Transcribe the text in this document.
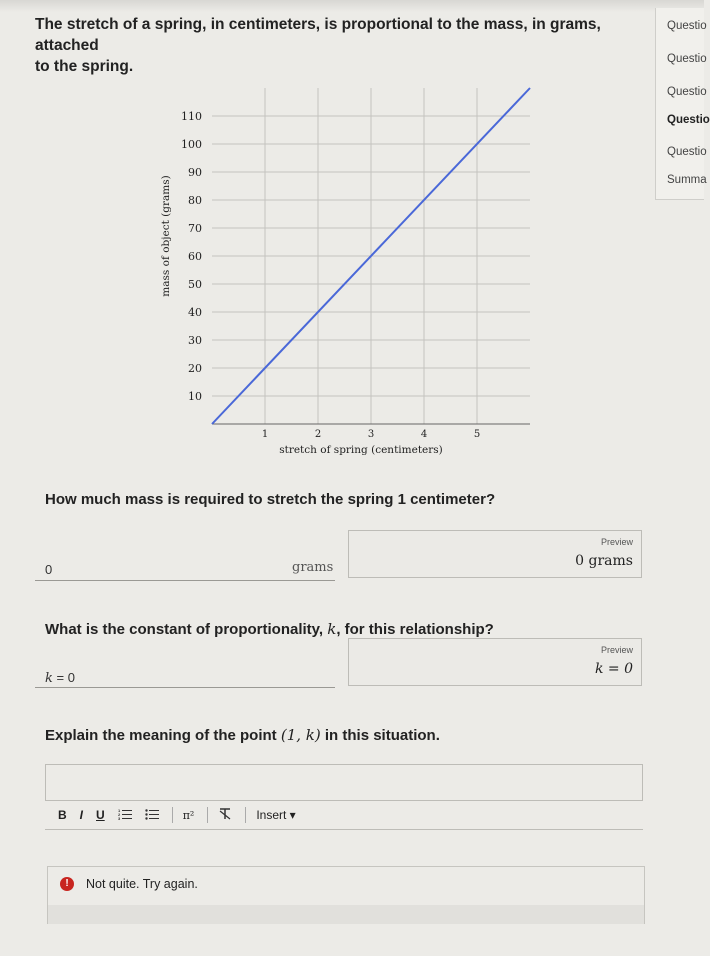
The stretch of a spring, in centimeters, is proportional to the mass, in grams, attached
to the spring.
10
20
30
40
50
60
70
80
90
100
110
1	2	3	4	5
stretch of spring (centimeters)
mass of object (grams)
How much mass is required to stretch the spring 1 centimeter?
0	grams
Preview
0 grams
What is the constant of proportionality, k, for this relationship?
k = 0
Preview
k = 0
Explain the meaning of the point (1, k) in this situation.
B I U	1
2
3	π²	Insert ▾
!	Not quite. Try again.
Questio
Questio
Questio
Questio
Questio
Summa
